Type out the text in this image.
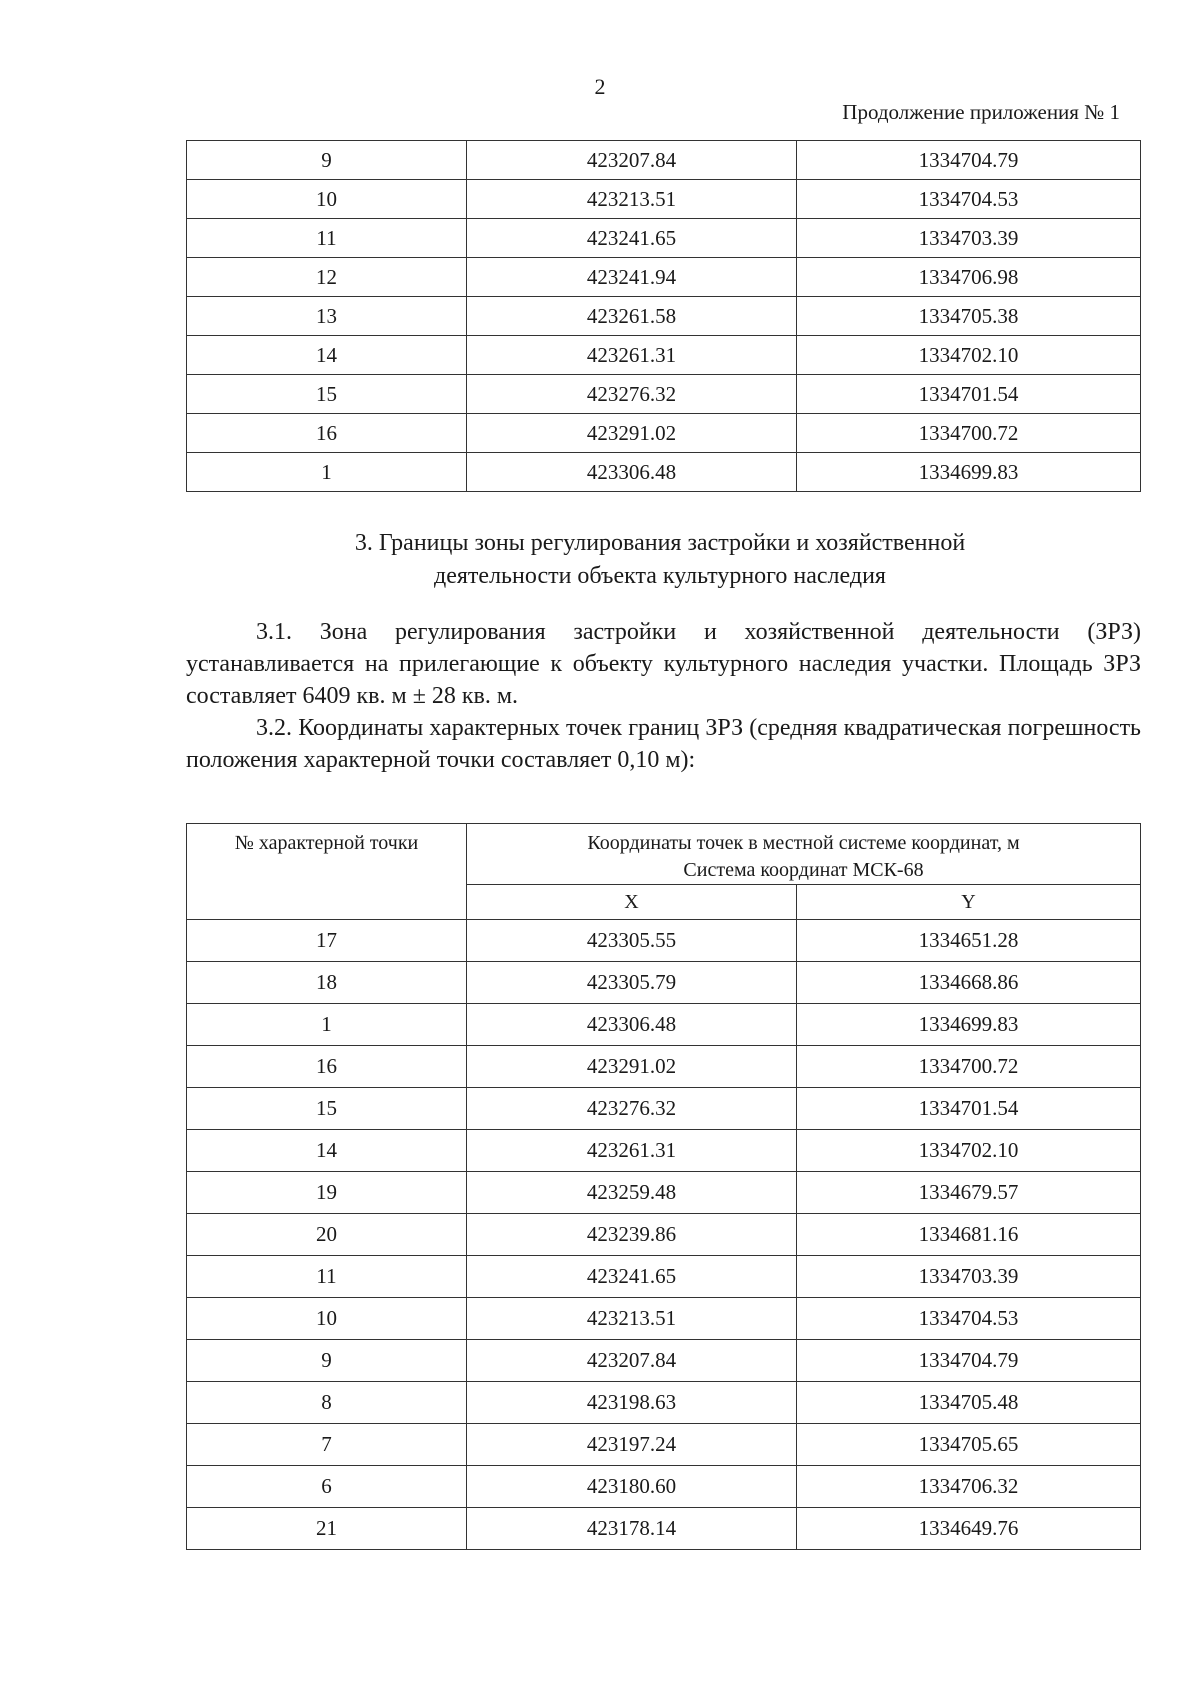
2
Продолжение приложения № 1
9	423207.84	1334704.79
10	423213.51	1334704.53
11	423241.65	1334703.39
12	423241.94	1334706.98
13	423261.58	1334705.38
14	423261.31	1334702.10
15	423276.32	1334701.54
16	423291.02	1334700.72
1	423306.48	1334699.83
3. Границы зоны регулирования застройки и хозяйственной
деятельности объекта культурного наследия
3.1. Зона регулирования застройки и хозяйственной деятельности (ЗРЗ) устанавливается на прилегающие к объекту культурного наследия участки. Площадь ЗРЗ составляет 6409 кв. м ± 28 кв. м.
3.2. Координаты характерных точек границ ЗРЗ (средняя квадратическая погрешность положения характерной точки составляет 0,10 м):
№ характерной точки	Координаты точек в местной системе координат, м
Система координат МСК-68	

	X	Y
17	423305.55	1334651.28
18	423305.79	1334668.86
1	423306.48	1334699.83
16	423291.02	1334700.72
15	423276.32	1334701.54
14	423261.31	1334702.10
19	423259.48	1334679.57
20	423239.86	1334681.16
11	423241.65	1334703.39
10	423213.51	1334704.53
9	423207.84	1334704.79
8	423198.63	1334705.48
7	423197.24	1334705.65
6	423180.60	1334706.32
21	423178.14	1334649.76
